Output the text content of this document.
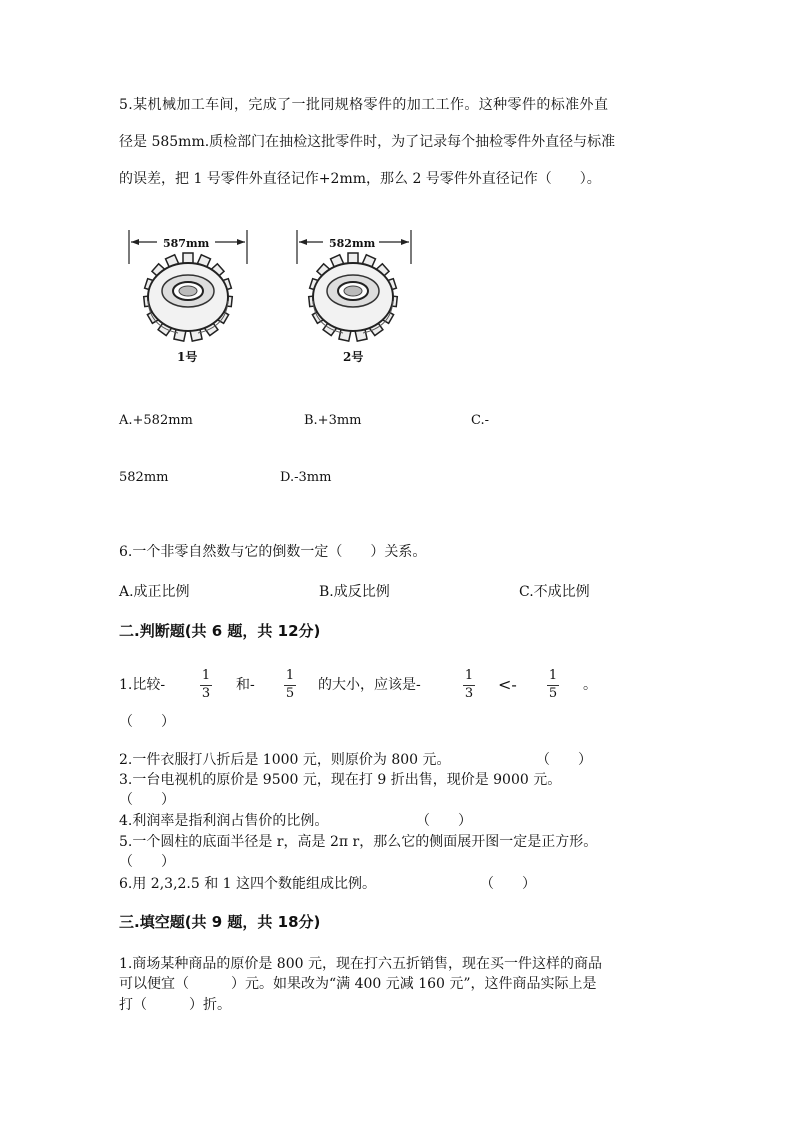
5.某机械加工车间，完成了一批同规格零件的加工工作。这种零件的标准外直
径是 585mm.质检部门在抽检这批零件时，为了记录每个抽检零件外直径与标准
的误差，把 1 号零件外直径记作+2mm，那么 2 号零件外直径记作（　　）。
587mm
1号
582mm
2号
A.+582mm	B.+3mm	C.-
582mm	D.-3mm
6.一个非零自然数与它的倒数一定（　　）关系。
A.成正比例	B.成反比例	C.不成比例
二.判断题(共 6 题，共 12分)
1.比较-
1
3
和-
1
5
的大小，应该是-
1
3 <- 1
5
。
（　　）
2.一件衣服打八折后是 1000 元，则原价为 800 元。	（　　）
3.一台电视机的原价是 9500 元，现在打 9 折出售，现价是 9000 元。
（　　）
4.利润率是指利润占售价的比例。	（　　）
5.一个圆柱的底面半径是 r，高是 2π r，那么它的侧面展开图一定是正方形。
（　　）
6.用 2,3,2.5 和 1 这四个数能组成比例。	（　　）
三.填空题(共 9 题，共 18分)
1.商场某种商品的原价是 800 元，现在打六五折销售，现在买一件这样的商品
可以便宜（　　　）元。如果改为“满 400 元减 160 元”，这件商品实际上是
打（　　　）折。
